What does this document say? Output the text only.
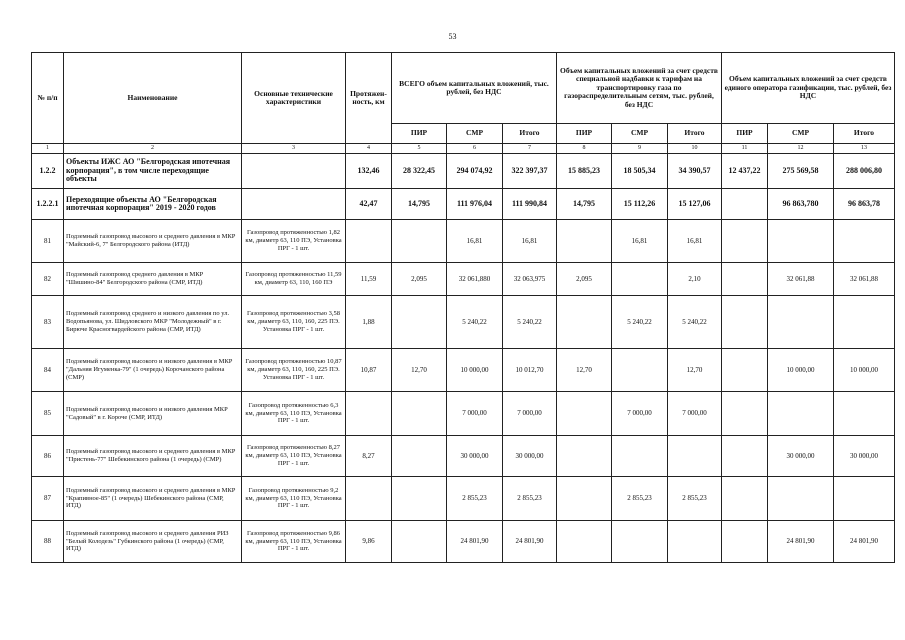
53
№ п/п	Наименование	Основные технические характеристики	Протяжен-ность, км	ВСЕГО объем капитальных вложений, тыс. рублей, без НДС			Объем капитальных вложений за счет средств специальной надбавки к тарифам на транспортировку газа по газораспределительным сетям, тыс. рублей, без НДС			Объем капитальных вложений за счет средств единого оператора газификации, тыс. рублей, без НДС		
				ПИР	СМР	Итого	ПИР	СМР	Итого	ПИР	СМР	Итого
1	2	3	4	5	6	7	8	9	10	11	12	13
1.2.2	Объекты ИЖС АО "Белгородская ипотечная корпорация", в том числе переходящие объекты		132,46	28 322,45	294 074,92	322 397,37	15 885,23	18 505,34	34 390,57	12 437,22	275 569,58	288 006,80
1.2.2.1	Переходящие объекты АО "Белгородская ипотечная корпорация" 2019 - 2020 годов		42,47	14,795	111 976,04	111 990,84	14,795	15 112,26	15 127,06		96 863,780	96 863,78
81	Подземный газопровод высокого и среднего давления в МКР "Майский-6, 7" Белгородского района (ИТД)	Газопровод протяженностью 1,82 км, диаметр 63, 110 ПЭ, Установка ПРГ - 1 шт.			16,81	16,81		16,81	16,81			
82	Подземный газопровод среднего давления в МКР "Шишино-84" Белгородского района (СМР, ИТД)	Газопровод протяженностью 11,59 км, диаметр 63, 110, 160 ПЭ	11,59	2,095	32 061,880	32 063,975	2,095		2,10		32 061,88	32 061,88
83	Подземный газопровод среднего и низкого давления по ул. Водопьянова, ул. Шидловского МКР "Молодежный" в г. Бирюче Красногвардейского района (СМР, ИТД)	Газопровод протяженностью 3,58 км, диаметр 63, 110, 160, 225 ПЭ. Установка ПРГ - 1 шт.	1,88		5 240,22	5 240,22		5 240,22	5 240,22			
84	Подземный газопровод высокого и низкого давления в МКР "Дальняя Игуменка-79" (1 очередь) Корочанского района (СМР)	Газопровод протяженностью 10,87 км, диаметр 63, 110, 160, 225 ПЭ. Установка ПРГ - 1 шт.	10,87	12,70	10 000,00	10 012,70	12,70		12,70		10 000,00	10 000,00
85	Подземный газопровод высокого и низкого давления МКР "Садовый" в г. Короче (СМР, ИТД)	Газопровод протяженностью 6,3 км, диаметр 63, 110 ПЭ, Установка ПРГ - 1 шт.			7 000,00	7 000,00		7 000,00	7 000,00			
86	Подземный газопровод высокого и среднего давления в МКР "Пристень-77" Шебекинского района (1 очередь) (СМР)	Газопровод протяженностью 8,27 км, диаметр 63, 110 ПЭ, Установка ПРГ - 1 шт.	8,27		30 000,00	30 000,00					30 000,00	30 000,00
87	Подземный газопровод высокого и среднего давления в МКР "Крапивное-85" (1 очередь) Шебекинского района (СМР, ИТД)	Газопровод протяженностью 9,2 км, диаметр 63, 110 ПЭ, Установка ПРГ - 1 шт.			2 855,23	2 855,23		2 855,23	2 855,23			
88	Подземный газопровод высокого и среднего давления РИЗ "Белый Колодезь" Губкинского района (1 очередь) (СМР, ИТД)	Газопровод протяженностью 9,86 км, диаметр 63, 110 ПЭ, Установка ПРГ - 1 шт.	9,86		24 801,90	24 801,90					24 801,90	24 801,90
